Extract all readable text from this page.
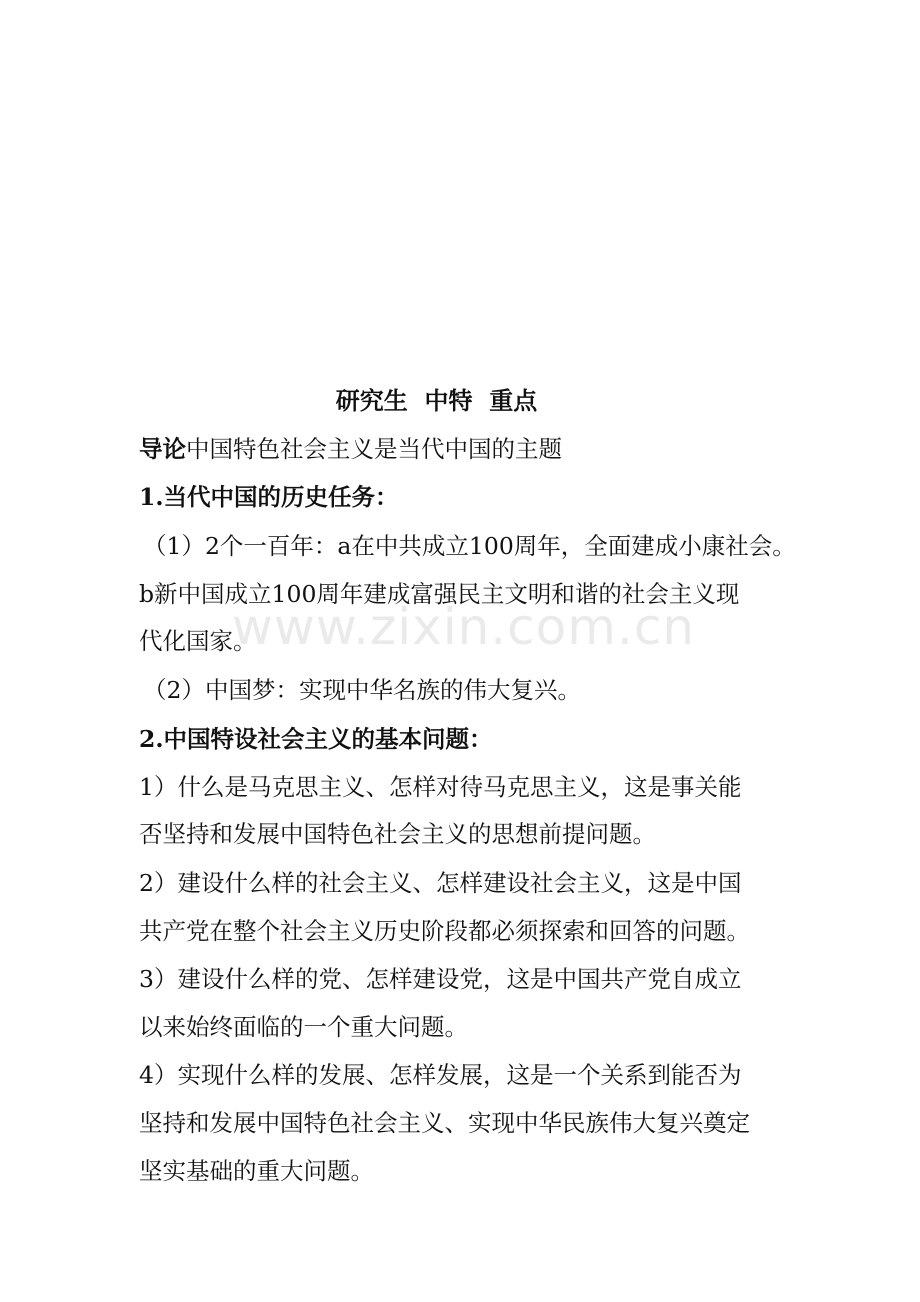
研究生  中特  重点
导论中国特色社会主义是当代中国的主题
1.当代中国的历史任务：
（1）2个一百年：a在中共成立100周年，全面建成小康社会。
b新中国成立100周年建成富强民主文明和谐的社会主义现
代化国家。
（2）中国梦：实现中华名族的伟大复兴。
2.中国特设社会主义的基本问题：
1）什么是马克思主义、怎样对待马克思主义，这是事关能
否坚持和发展中国特色社会主义的思想前提问题。
2）建设什么样的社会主义、怎样建设社会主义，这是中国
共产党在整个社会主义历史阶段都必须探索和回答的问题。
3）建设什么样的党、怎样建设党，这是中国共产党自成立
以来始终面临的一个重大问题。
4）实现什么样的发展、怎样发展，这是一个关系到能否为
坚持和发展中国特色社会主义、实现中华民族伟大复兴奠定
坚实基础的重大问题。
www.zixin.com.cn
